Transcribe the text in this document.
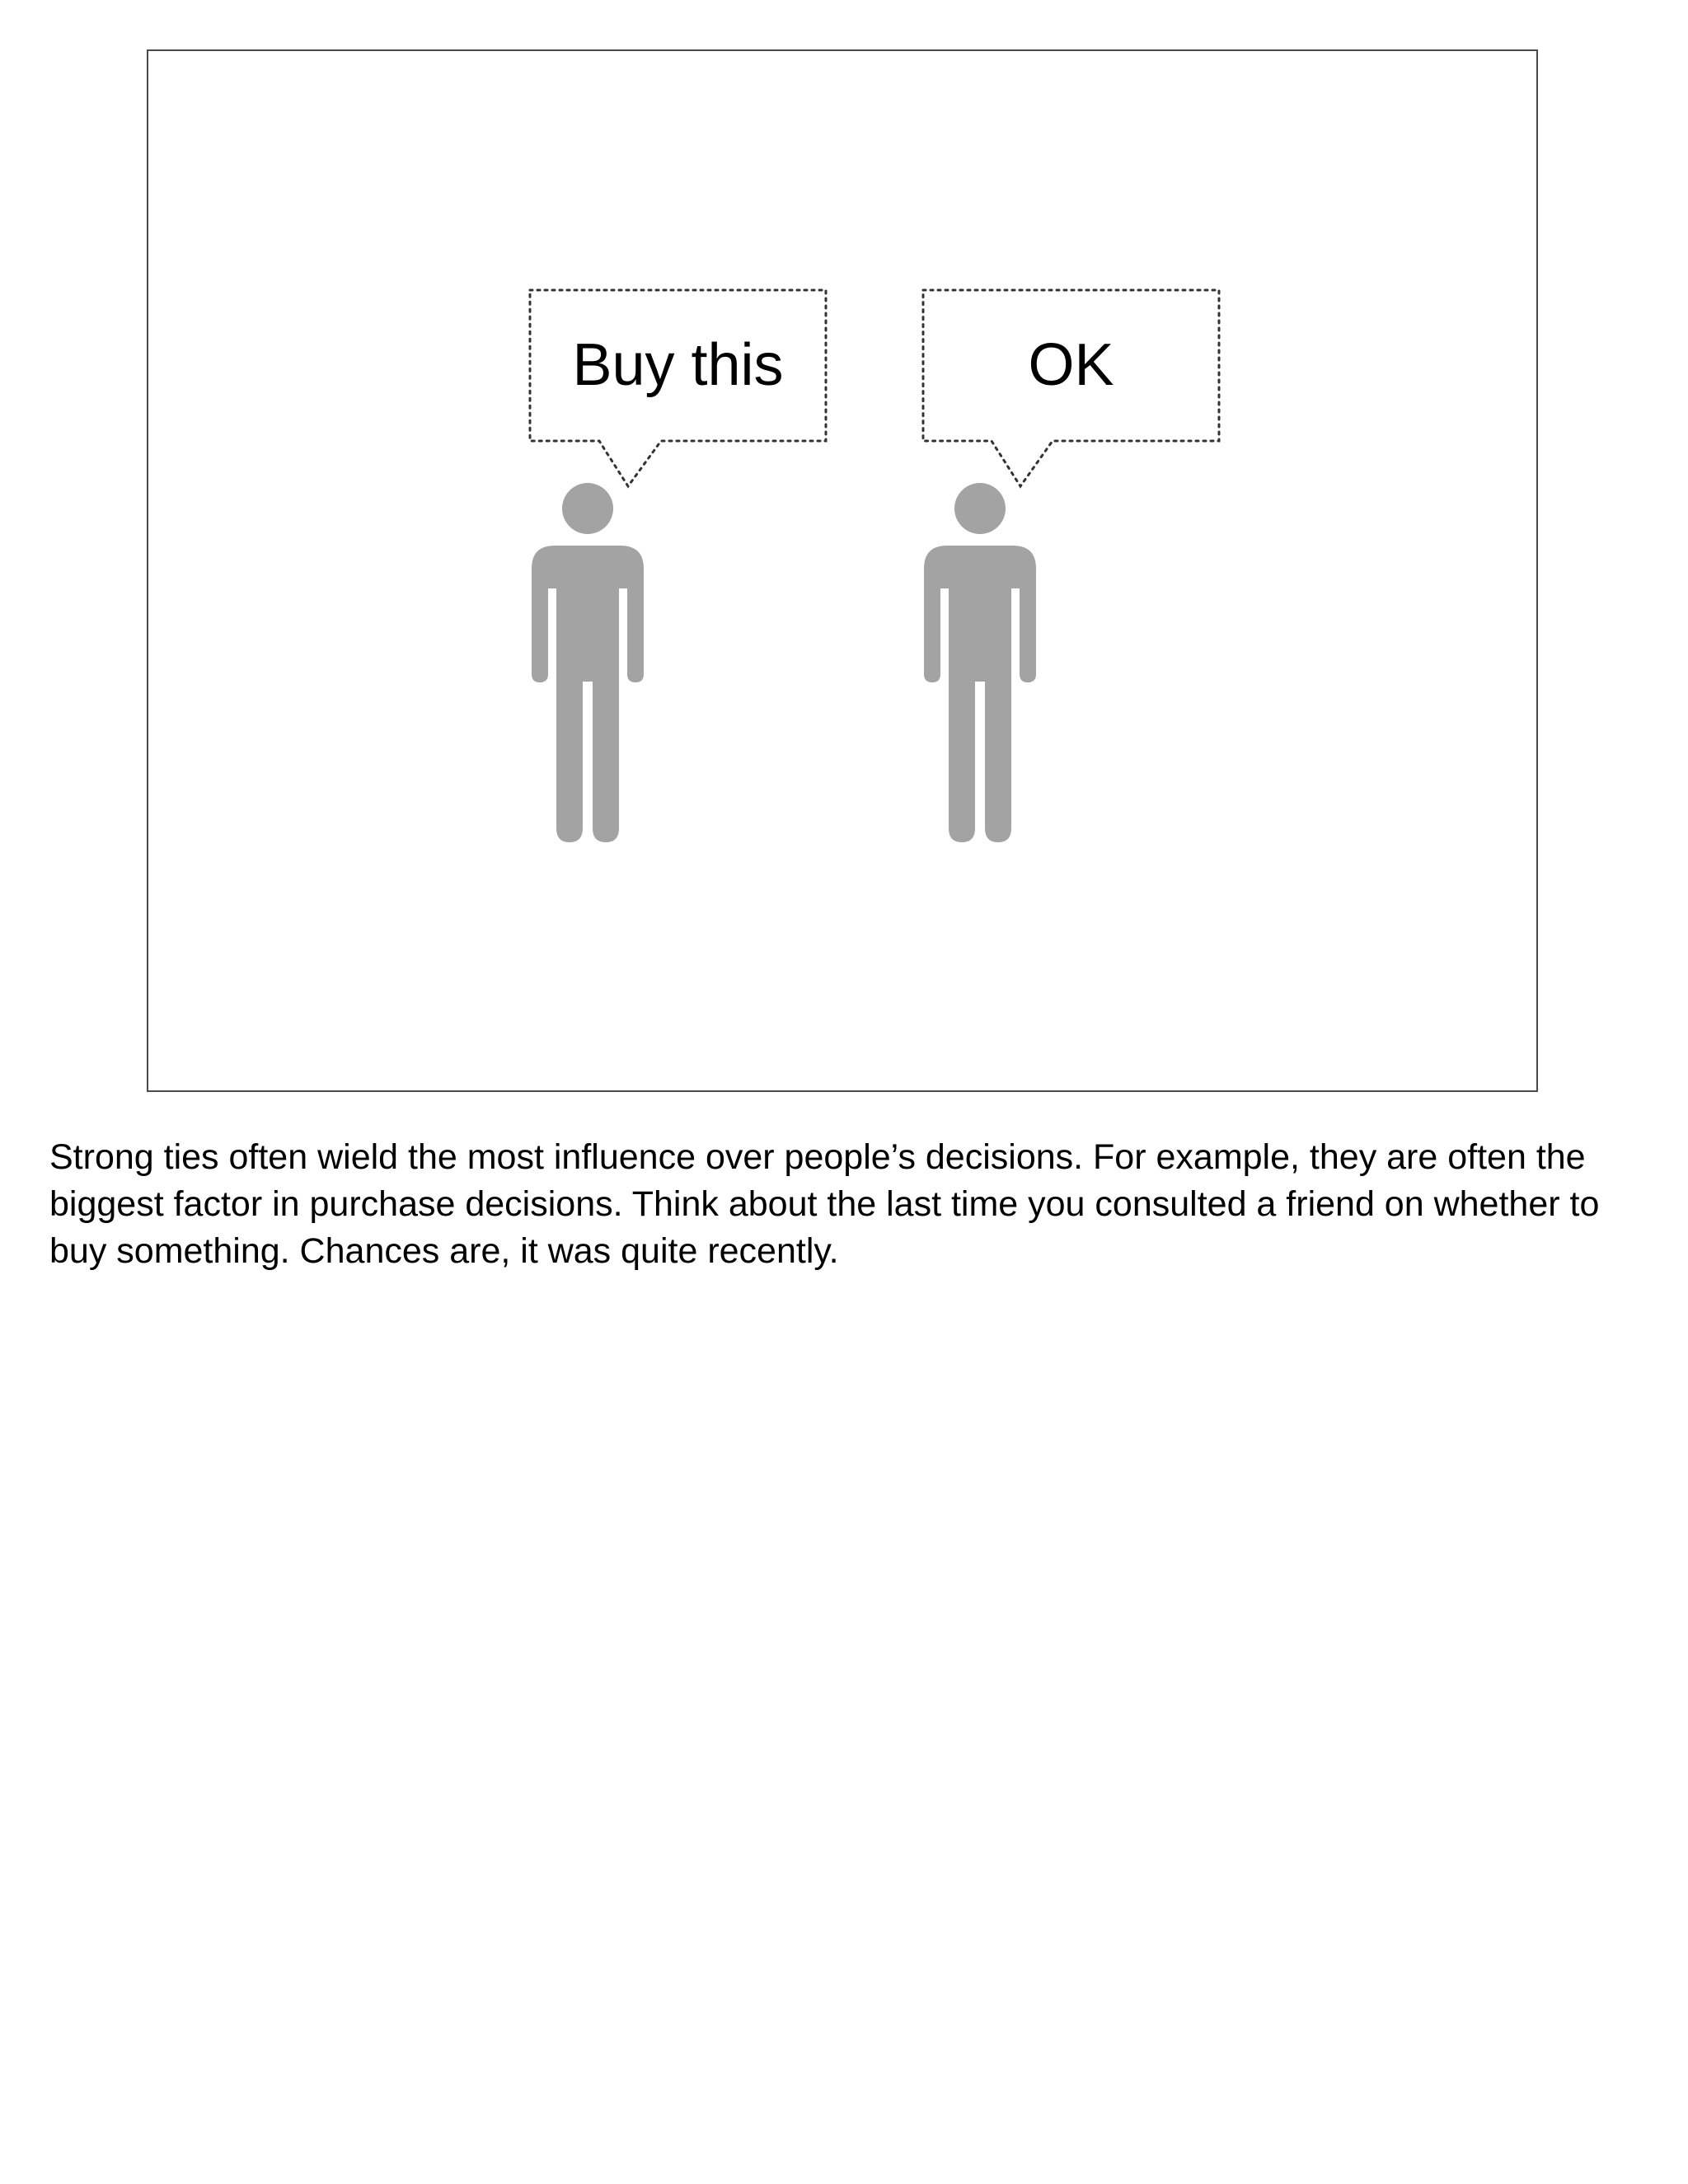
Buy this	OK

Strong ties often wield the most influence over people’s decisions. For example, they are often the biggest factor in purchase decisions. Think about the last time you consulted a friend on whether to buy something. Chances are, it was quite recently.
